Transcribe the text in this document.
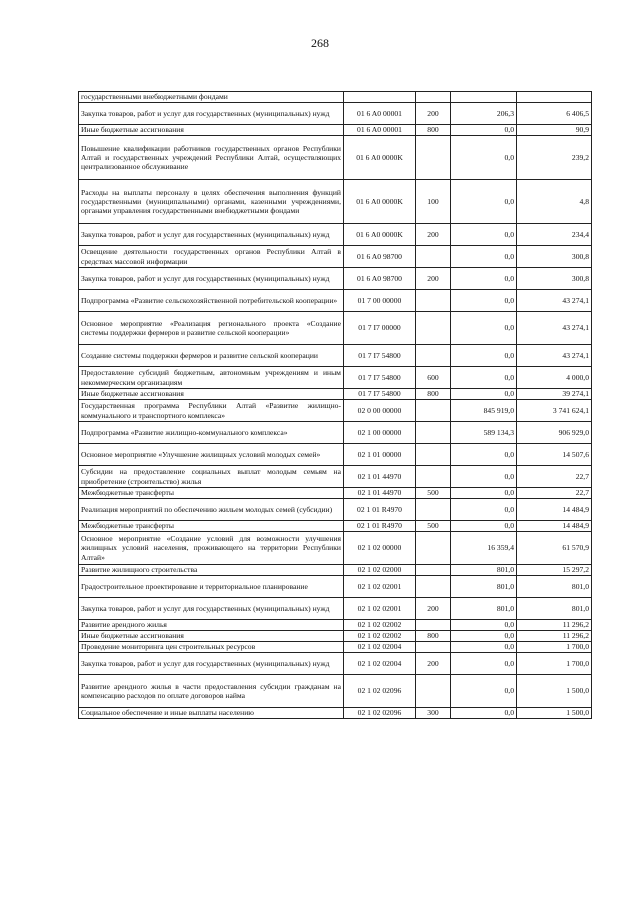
268
государственными внебюджетными фондами				
Закупка товаров, работ и услуг для государственных (муниципальных) нужд	01 6 A0 00001	200	206,3	6 406,5
Иные бюджетные ассигнования	01 6 A0 00001	800	0,0	90,9
Повышение квалификации работников государственных органов Республики Алтай и государственных учреждений Республики Алтай, осуществляющих централизованное обслуживание	01 6 A0 0000K		0,0	239,2
Расходы на выплаты персоналу в целях обеспечения выполнения функций государственными (муниципальными) органами, казенными учреждениями, органами управления государственными внебюджетными фондами	01 6 A0 0000K	100	0,0	4,8
Закупка товаров, работ и услуг для государственных (муниципальных) нужд	01 6 A0 0000K	200	0,0	234,4
Освещение деятельности государственных органов Республики Алтай в средствах массовой информации	01 6 A0 98700		0,0	300,8
Закупка товаров, работ и услуг для государственных (муниципальных) нужд	01 6 A0 98700	200	0,0	300,8
Подпрограмма «Развитие сельскохозяйственной потребительской кооперации»	01 7 00 00000		0,0	43 274,1
Основное мероприятие «Реализация регионального проекта «Создание системы поддержки фермеров и развитие сельской кооперации»	01 7 I7 00000		0,0	43 274,1
Создание системы поддержки фермеров и развитие сельской кооперации	01 7 I7 54800		0,0	43 274,1
Предоставление субсидий бюджетным, автономным учреждениям и иным некоммерческим организациям	01 7 I7 54800	600	0,0	4 000,0
Иные бюджетные ассигнования	01 7 I7 54800	800	0,0	39 274,1
Государственная программа Республики Алтай «Развитие жилищно-коммунального и транспортного комплекса»	02 0 00 00000		845 919,0	3 741 624,1
Подпрограмма «Развитие жилищно-коммунального комплекса»	02 1 00 00000		589 134,3	906 929,0
Основное мероприятие «Улучшение жилищных условий молодых семей»	02 1 01 00000		0,0	14 507,6
Субсидии на предоставление социальных выплат молодым семьям на приобретение (строительство) жилья	02 1 01 44970		0,0	22,7
Межбюджетные трансферты	02 1 01 44970	500	0,0	22,7
Реализация мероприятий по обеспечению жильем молодых семей (субсидии)	02 1 01 R4970		0,0	14 484,9
Межбюджетные трансферты	02 1 01 R4970	500	0,0	14 484,9
Основное мероприятие «Создание условий для возможности улучшения жилищных условий населения, проживающего на территории Республики Алтай»	02 1 02 00000		16 359,4	61 570,9
Развитие жилищного строительства	02 1 02 02000		801,0	15 297,2
Градостроительное проектирование и территориальное планирование	02 1 02 02001		801,0	801,0
Закупка товаров, работ и услуг для государственных (муниципальных) нужд	02 1 02 02001	200	801,0	801,0
Развитие арендного жилья	02 1 02 02002		0,0	11 296,2
Иные бюджетные ассигнования	02 1 02 02002	800	0,0	11 296,2
Проведение мониторинга цен строительных ресурсов	02 1 02 02004		0,0	1 700,0
Закупка товаров, работ и услуг для государственных (муниципальных) нужд	02 1 02 02004	200	0,0	1 700,0
Развитие арендного жилья в части предоставления субсидии гражданам на компенсацию расходов по оплате договоров найма	02 1 02 02096		0,0	1 500,0
Социальное обеспечение и иные выплаты населению	02 1 02 02096	300	0,0	1 500,0
